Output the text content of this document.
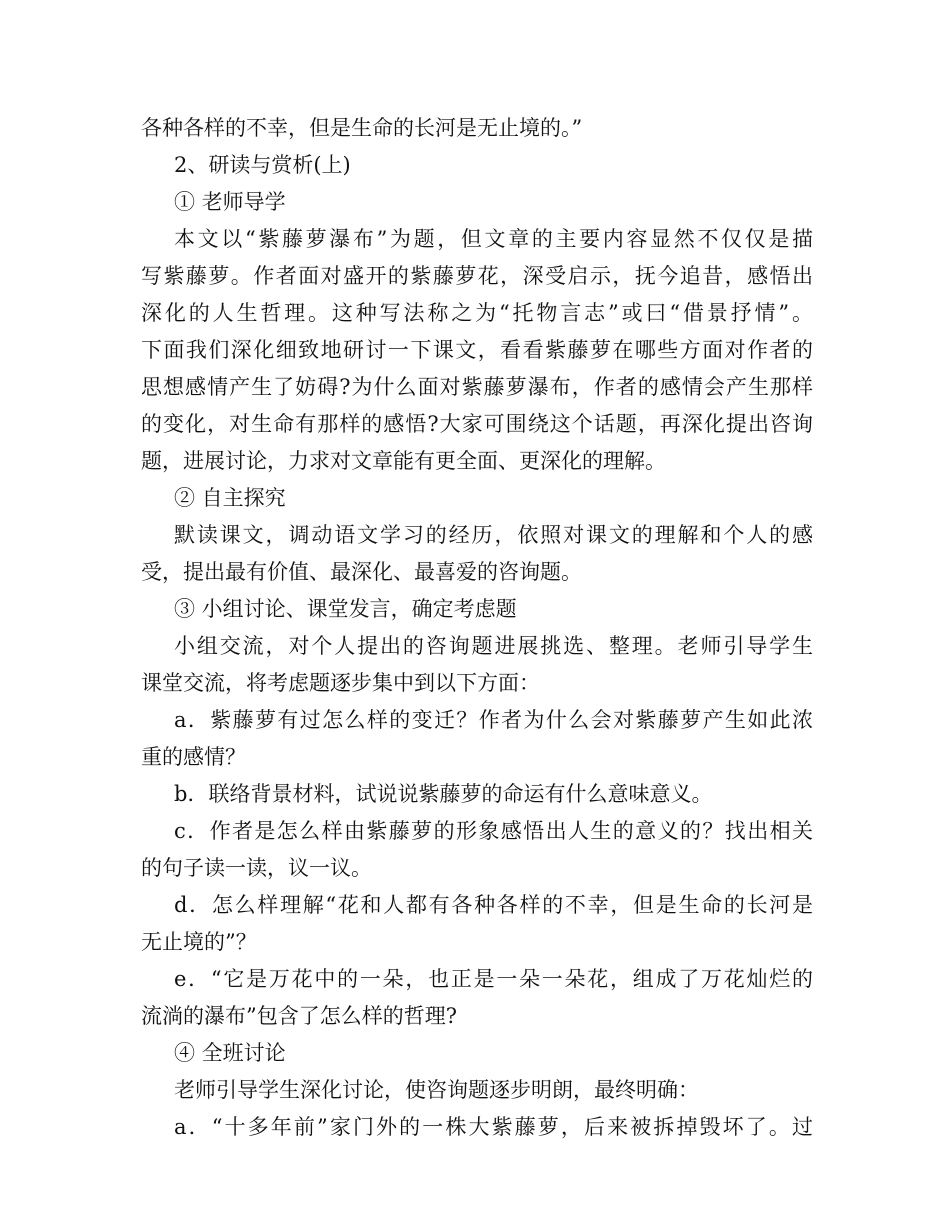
各种各样的不幸，但是生命的长河是无止境的。”
2、研读与赏析(上)
① 老师导学
本文以“紫藤萝瀑布”为题，但文章的主要内容显然不仅仅是描
写紫藤萝。作者面对盛开的紫藤萝花，深受启示，抚今追昔，感悟出
深化的人生哲理。这种写法称之为“托物言志”或曰“借景抒情”。
下面我们深化细致地研讨一下课文，看看紫藤萝在哪些方面对作者的
思想感情产生了妨碍?为什么面对紫藤萝瀑布，作者的感情会产生那样
的变化，对生命有那样的感悟?大家可围绕这个话题，再深化提出咨询
题，进展讨论，力求对文章能有更全面、更深化的理解。
② 自主探究
默读课文，调动语文学习的经历，依照对课文的理解和个人的感
受，提出最有价值、最深化、最喜爱的咨询题。
③ 小组讨论、课堂发言，确定考虑题
小组交流，对个人提出的咨询题进展挑选、整理。老师引导学生
课堂交流，将考虑题逐步集中到以下方面：
a．紫藤萝有过怎么样的变迁？作者为什么会对紫藤萝产生如此浓
重的感情？
b．联络背景材料，试说说紫藤萝的命运有什么意味意义。
c．作者是怎么样由紫藤萝的形象感悟出人生的意义的？找出相关
的句子读一读，议一议。
d．怎么样理解“花和人都有各种各样的不幸，但是生命的长河是
无止境的”？
e．“它是万花中的一朵，也正是一朵一朵花，组成了万花灿烂的
流淌的瀑布”包含了怎么样的哲理?
④ 全班讨论
老师引导学生深化讨论，使咨询题逐步明朗，最终明确：
a．“十多年前”家门外的一株大紫藤萝，后来被拆掉毁坏了。过
